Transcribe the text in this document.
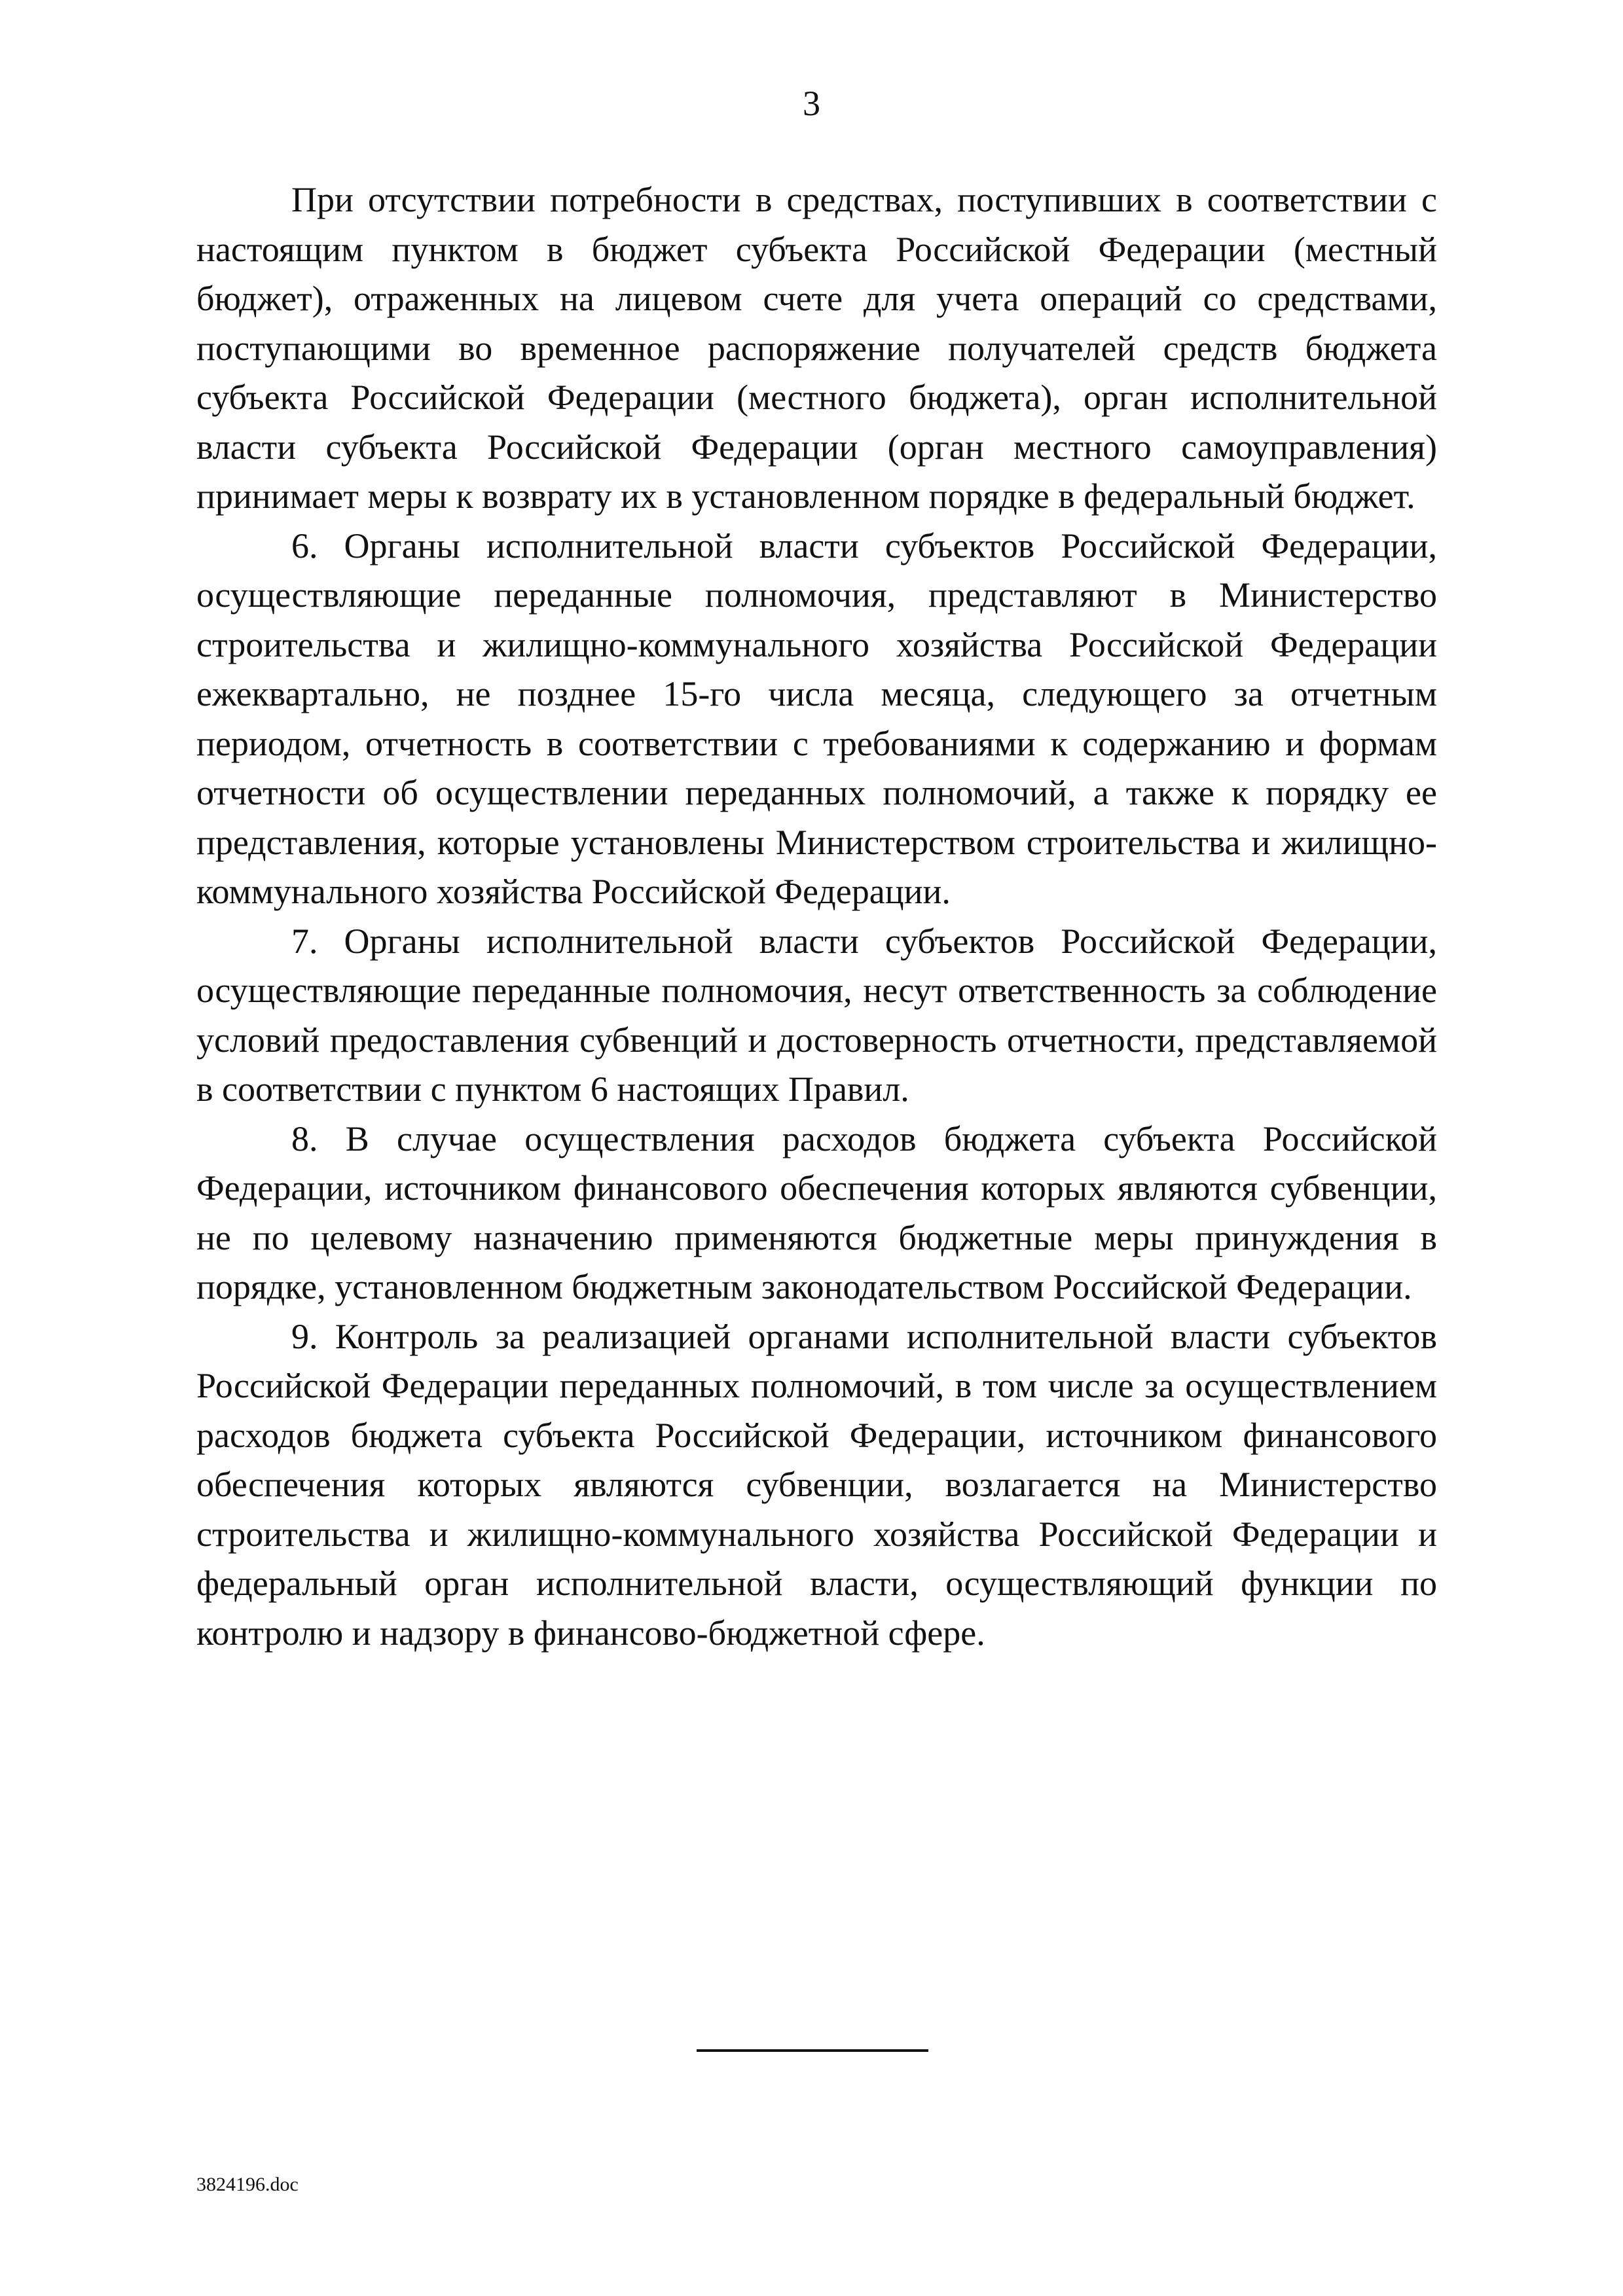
3

При отсутствии потребности в средствах, поступивших в соответствии с настоящим пунктом в бюджет субъекта Российской Федерации (местный бюджет), отраженных на лицевом счете для учета операций со средствами, поступающими во временное распоряжение получателей средств бюджета субъекта Российской Федерации (местного бюджета), орган исполнительной власти субъекта Российской Федерации (орган местного самоуправления) принимает меры к возврату их в установленном порядке в федеральный бюджет.

6. Органы исполнительной власти субъектов Российской Федерации, осуществляющие переданные полномочия, представляют в Министерство строительства и жилищно-коммунального хозяйства Российской Федерации ежеквартально, не позднее 15-го числа месяца, следующего за отчетным периодом, отчетность в соответствии с требованиями к содержанию и формам отчетности об осуществлении переданных полномочий, а также к порядку ее представления, которые установлены Министерством строительства и жилищно-коммунального хозяйства Российской Федерации.

7. Органы исполнительной власти субъектов Российской Федерации, осуществляющие переданные полномочия, несут ответственность за соблюдение условий предоставления субвенций и достоверность отчетности, представляемой в соответствии с пунктом 6 настоящих Правил.

8. В случае осуществления расходов бюджета субъекта Российской Федерации, источником финансового обеспечения которых являются субвенции, не по целевому назначению применяются бюджетные меры принуждения в порядке, установленном бюджетным законодательством Российской Федерации.

9. Контроль за реализацией органами исполнительной власти субъектов Российской Федерации переданных полномочий, в том числе за осуществлением расходов бюджета субъекта Российской Федерации, источником финансового обеспечения которых являются субвенции, возлагается на Министерство строительства и жилищно-коммунального хозяйства Российской Федерации и федеральный орган исполнительной власти, осуществляющий функции по контролю и надзору в финансово-бюджетной сфере.

3824196.doc
